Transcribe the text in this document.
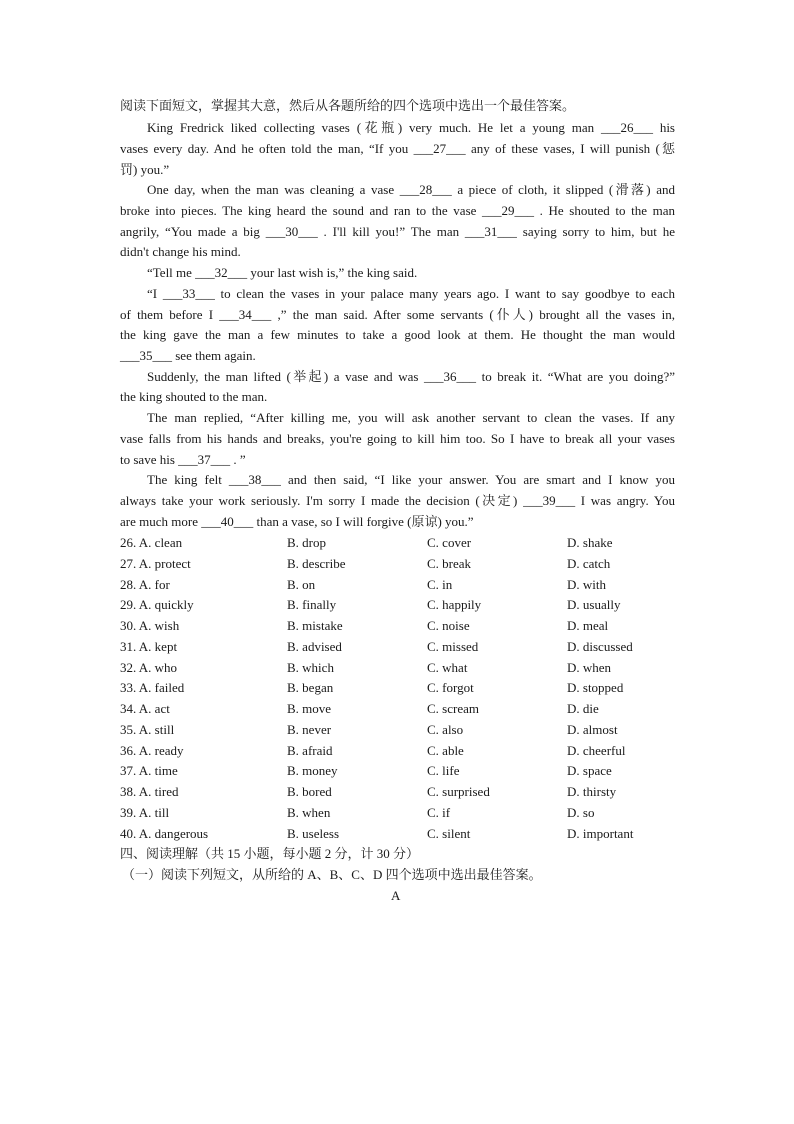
阅读下面短文，掌握其大意，然后从各题所给的四个选项中选出一个最佳答案。
King Fredrick liked collecting vases (花瓶) very much. He let a young man ___26___ his
vases every day. And he often told the man, “If you ___27___ any of these vases, I will punish (惩
罚) you.”
One day, when the man was cleaning a vase ___28___ a piece of cloth, it slipped (滑落) and
broke into pieces. The king heard the sound and ran to the vase ___29___ . He shouted to the man
angrily, “You made a big ___30___ . I'll kill you!” The man ___31___ saying sorry to him, but he
didn't change his mind.
“Tell me ___32___ your last wish is,” the king said.
“I ___33___ to clean the vases in your palace many years ago. I want to say goodbye to each
of them before I ___34___ ,” the man said. After some servants (仆人) brought all the vases in,
the king gave the man a few minutes to take a good look at them. He thought the man would
___35___ see them again.
Suddenly, the man lifted (举起) a vase and was ___36___ to break it. “What are you doing?”
the king shouted to the man.
The man replied, “After killing me, you will ask another servant to clean the vases. If any
vase falls from his hands and breaks, you're going to kill him too. So I have to break all your vases
to save his ___37___ . ”
The king felt ___38___ and then said, “I like your answer. You are smart and I know you
always take your work seriously. I'm sorry I made the decision (决定) ___39___ I was angry. You
are much more ___40___ than a vase, so I will forgive (原谅) you.”
26. A. clean	B. drop	C. cover	D. shake
27. A. protect	B. describe	C. break	D. catch
28. A. for	B. on	C. in	D. with
29. A. quickly	B. finally	C. happily	D. usually
30. A. wish	B. mistake	C. noise	D. meal
31. A. kept	B. advised	C. missed	D. discussed
32. A. who	B. which	C. what	D. when
33. A. failed	B. began	C. forgot	D. stopped
34. A. act	B. move	C. scream	D. die
35. A. still	B. never	C. also	D. almost
36. A. ready	B. afraid	C. able	D. cheerful
37. A. time	B. money	C. life	D. space
38. A. tired	B. bored	C. surprised	D. thirsty
39. A. till	B. when	C. if	D. so
40. A. dangerous	B. useless	C. silent	D. important
四、阅读理解（共 15 小题，每小题 2 分，计 30 分）
（一）阅读下列短文，从所给的 A、B、C、D 四个选项中选出最佳答案。
A
